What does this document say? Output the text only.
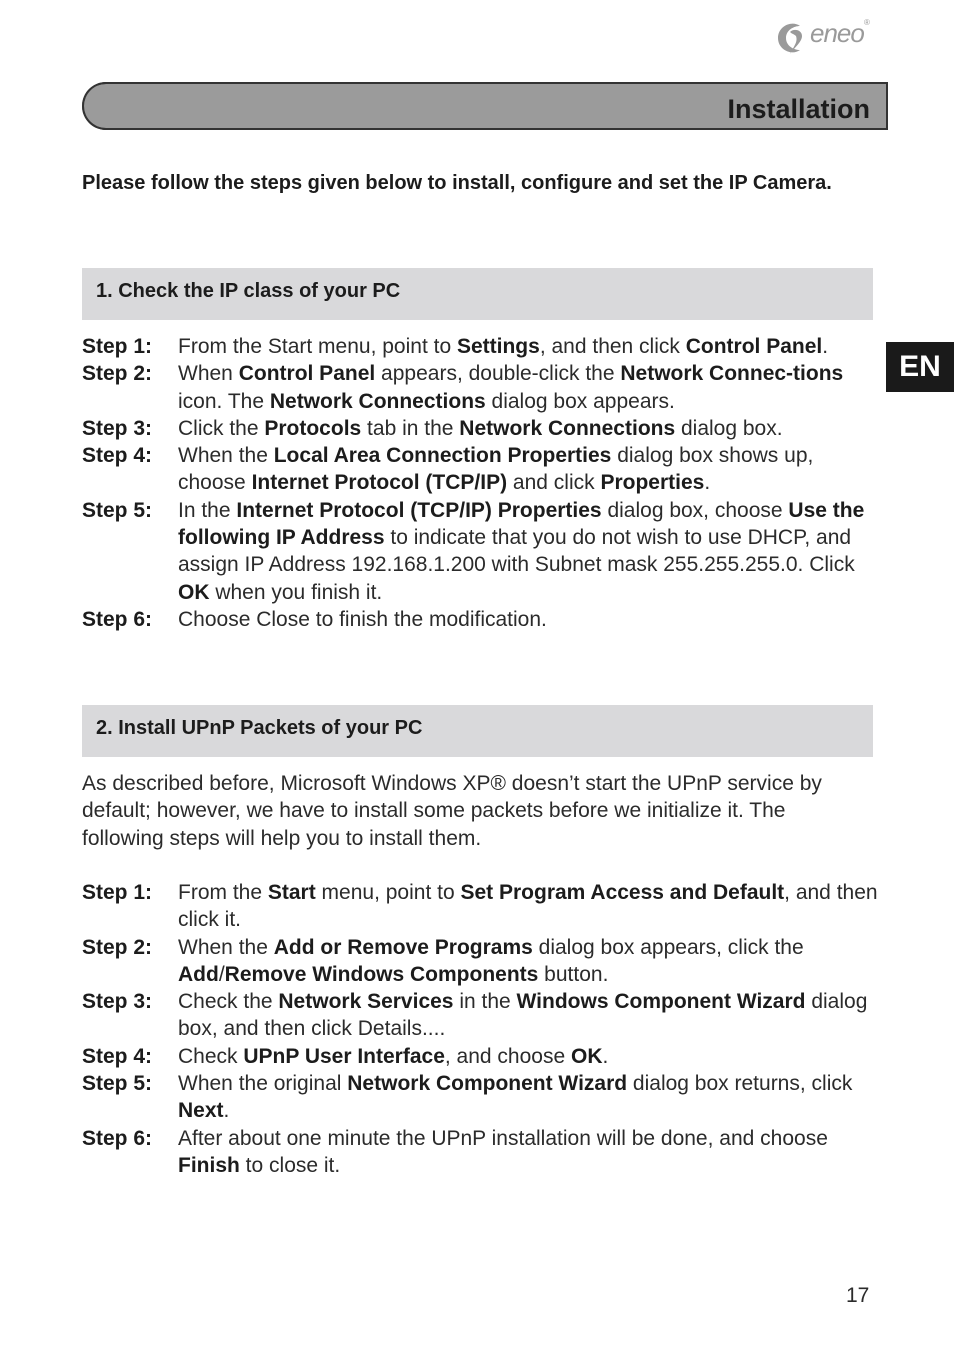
eneo®
Installation
Please follow the steps given below to install, configure and set the IP Camera.
1. Check the IP class of your PC
Step 1:	From the Start menu, point to Settings, and then click Control Panel.
Step 2:	When Control Panel appears, double-click the Network Connec-tions icon. The Network Connections dialog box appears.
Step 3:	Click the Protocols tab in the Network Connections dialog box.
Step 4:	When the Local Area Connection Properties dialog box shows up, choose Internet Protocol (TCP/IP) and click Properties.
Step 5:	In the Internet Protocol (TCP/IP) Properties dialog box, choose Use the following IP Address to indicate that you do not wish to use DHCP, and assign IP Address 192.168.1.200 with Subnet mask 255.255.255.0. Click OK when you finish it.
Step 6:	Choose Close to finish the modification.
2. Install UPnP Packets of your PC
As described before, Microsoft Windows XP® doesn’t start the UPnP service by default; however, we have to install some packets before we initialize it. The following steps will help you to install them.
Step 1:	From the Start menu, point to Set Program Access and Default, and then click it.
Step 2:	When the Add or Remove Programs dialog box appears, click the Add/Remove Windows Components button.
Step 3:	Check the Network Services in the Windows Component Wizard dialog box, and then click Details....
Step 4:	Check UPnP User Interface, and choose OK.
Step 5:	When the original Network Component Wizard dialog box returns, click Next.
Step 6:	After about one minute the UPnP installation will be done, and choose Finish to close it.
EN
17
